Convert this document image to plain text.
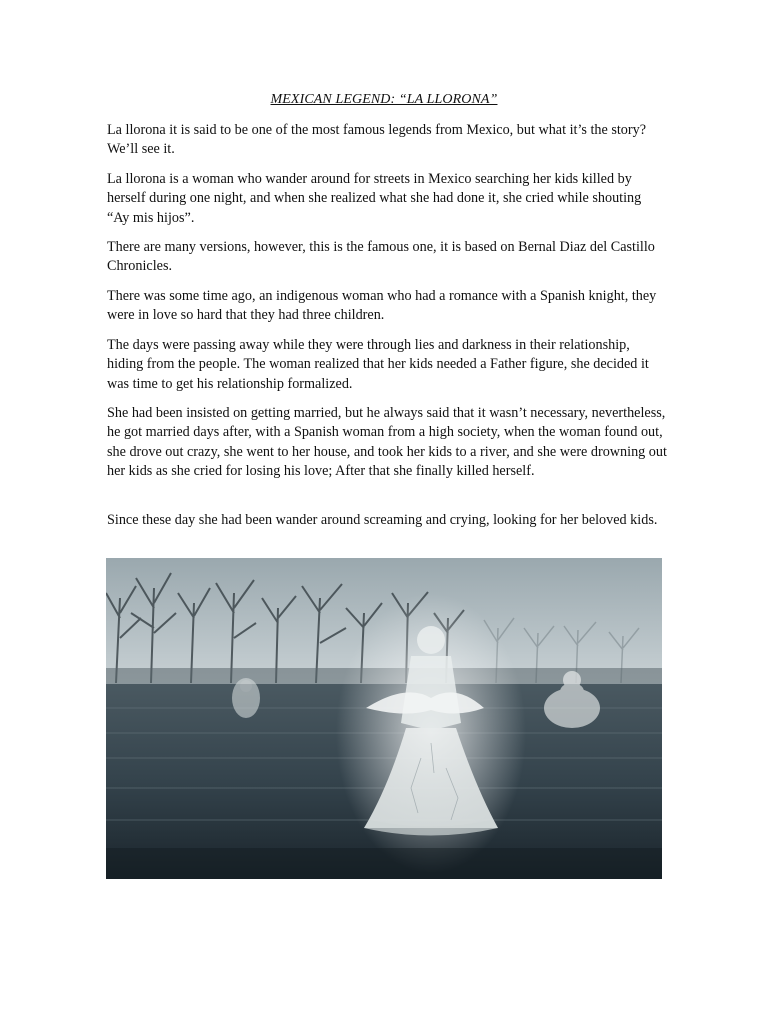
MEXICAN LEGEND: “LA LLORONA”

La llorona it is said to be one of the most famous legends from Mexico, but what it’s the story? We’ll see it.

La llorona is a woman who wander around for streets in Mexico searching her kids killed by herself during one night, and when she realized what she had done it, she cried while shouting “Ay mis hijos”.

There are many versions, however, this is the famous one, it is based on Bernal Diaz del Castillo Chronicles.

There was some time ago, an indigenous woman who had a romance with a Spanish knight, they were in love so hard that they had three children.

The days were passing away while they were through lies and darkness in their relationship, hiding from the people. The woman realized that her kids needed a Father figure, she decided it was time to get his relationship formalized.

She had been insisted on getting married, but he always said that it wasn’t necessary, nevertheless, he got married days after, with a Spanish woman from a high society, when the woman found out, she drove out crazy, she went to her house, and took her kids to a river, and she were drowning out her kids as she cried for losing his love; After that she finally killed herself.

Since these day she had been wander around screaming and crying, looking for her beloved kids.
